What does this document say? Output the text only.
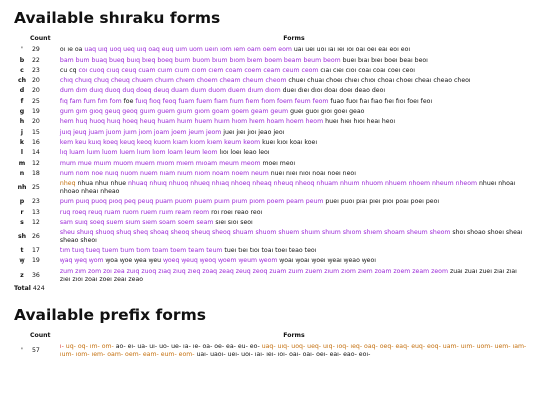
Available shıraku forms
	Count	Forms
'	29	oı ıe oa uaq uıq uoq ueq uıq oaq euq uım uom ueın ıom ıem oam oem eom uaı ueı uoı ıaı ıeı ıoı oaı oeı eaı eoı eoı
b	22	bam bum buaq bueq buıq bıeq boeq buım buom bıum bıom bıem boem beam beum beom bueı bıaı bıeı boeı beaı beoı
c	23	cu cq coı cuoq cıuq ceuq cuam cuım cıum cıom cıem coam coem ceam ceum ceom cıaı cıeı cıoı coaı coaı coeı ceoı
ch	20	chıq chuıq chuq cheuq chuem chuım chıem choem cheam cheum cheom chueı chuaı choeı chıeı chıoı choaı choeı cheaı cheao cheoı
d	20	dum dım duıq duoq duq doeq deuq duam duım duom duem dıum dıom dueı dıeı dıoı doaı doeı deao deoı
f	25	fıq fam fum fım fom foe fuıq fıoq feoq fuam fuem fıam fıum fıem fıom foem feum feom fuao fuoı fıaı fıao fıeı fıoı foeı feoı
g	19	gum gım gıoq geuq geoq guım guem gıum gıom goam goem geam geum gueı guoı gıoı goeı geao
h	20	hem huq huoq huıq hoeq heuq huam huım huem huım hıom hıem hoam hoem heom hueı hıeı hıoı heaı heoı
j	15	juıq jeuq juam juom juım jıom joam joem jeum jeom jueı jıeı jıoı jeao jeoı
k	16	kem keu kuıq koeq keuq keoq kuom kıam kıom kıem keum keom kueı kıoı koaı koeı
l	14	lıq luam luım luom luem lıum lıom loam leum leom lıoı loeı leao leoı
m	12	mum mue muım muom muem mıom mıem mıoam meum meom moeı meoı
n	18	num nom noe nuıq nuom nuem nıam nıum nıom noam noem neum nueı nıeı nıoı noaı noeı neoı
nh	25	nheq nhua nhuı nhue nhuaq nhuıq nhuoq nhueq nhıaq nhoeq nheaq nheuq nheoq nhuam nhuım nhuom nhuem nhoem nheum nheom nhueı nhoaı nhoao nheaı nheao
p	23	pum puıq puoq pıoq peq peuq puam puom puem puım pıum pıom poem peam peum pueı puoı pıaı pıeı pıoı poaı poeı peoı
r	13	ruq roeq reuq ruam ruom ruem ruım ream reom roı roeı reao reoı
s	12	sam suıq soeq suem sıum sıem soam soem seam sıeı sıoı seoı
sh	26	sheu shuıq shuoq shuq sheq shoaq sheoq sheuq sheoq shuam shuom shuem shuım shıum shıom shıem shoam sheum sheom shoı shoao shoeı sheaı sheao sheoı
t	17	tım tuıq tueq tuem tıum tıom toam toem team teum tueı tıeı tıoı toaı toeı teao teoı
ꝡ	19	ꝡaq ꝡeq ꝡom ꝡoa ꝡoe ꝡea ꝡeu ꝡoeq ꝡeuq ꝡeoq ꝡoem ꝡeum ꝡeom ꝡoaı ꝡoaı ꝡoeı ꝡeaı ꝡeao ꝡeoı
z	36	zum zım zom zoı zea zuıq zuoq zıaq zıuq zıeq zoaq zeaq zeuq zeoq zuam zuım zuem zıum zıom zıem zoam zoem zeam zeom zuaı zuaı zueı zıaı zıaı zıeı zıoı zoaı zoeı zeaı zeao
Total 424
Available prefix forms
	Count	Forms
'	57	ı- uq- oq- ım- om- ao- eı- ua- uı- uo- ue- ıa- ıe- oa- oe- ea- eu- eo- uaq- uıq- uoq- ueq- uıq- ıoq- ıeq- oaq- oeq- eaq- euq- eoq- uam- uım- uom- uem- ıam- ıum- ıom- ıem- oam- oem- eam- eum- eom- uaı- uaoı- ueı- uoı- ıaı- ıeı- ıoı- oaı- oaı- oeı- eaı- eao- eoı-
